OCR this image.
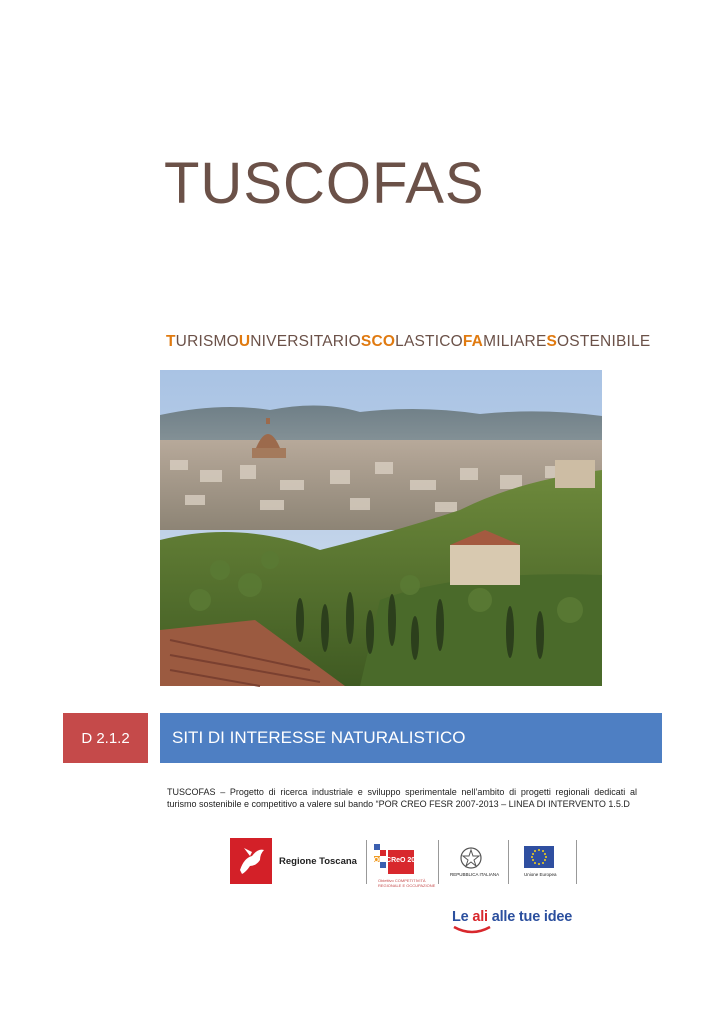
TUSCOFAS
TURISMOUNIVERSITARIOSCOLASTICOFAMILIARESOSTENIBILE
D 2.1.2	SITI DI INTERESSE NATURALISTICO
TUSCOFAS – Progetto di ricerca industriale e sviluppo sperimentale nell’ambito di progetti regionali dedicati al turismo sostenibile e competitivo a valere sul bando “POR CREO FESR 2007-2013 – LINEA DI INTERVENTO 1.5.D
Regione Toscana POR CReO 2007-13
Obiettivo COMPETITIVITÀ REGIONALE E OCCUPAZIONE
REPUBBLICA ITALIANA	Unione Europea
Le ali alle tue idee
